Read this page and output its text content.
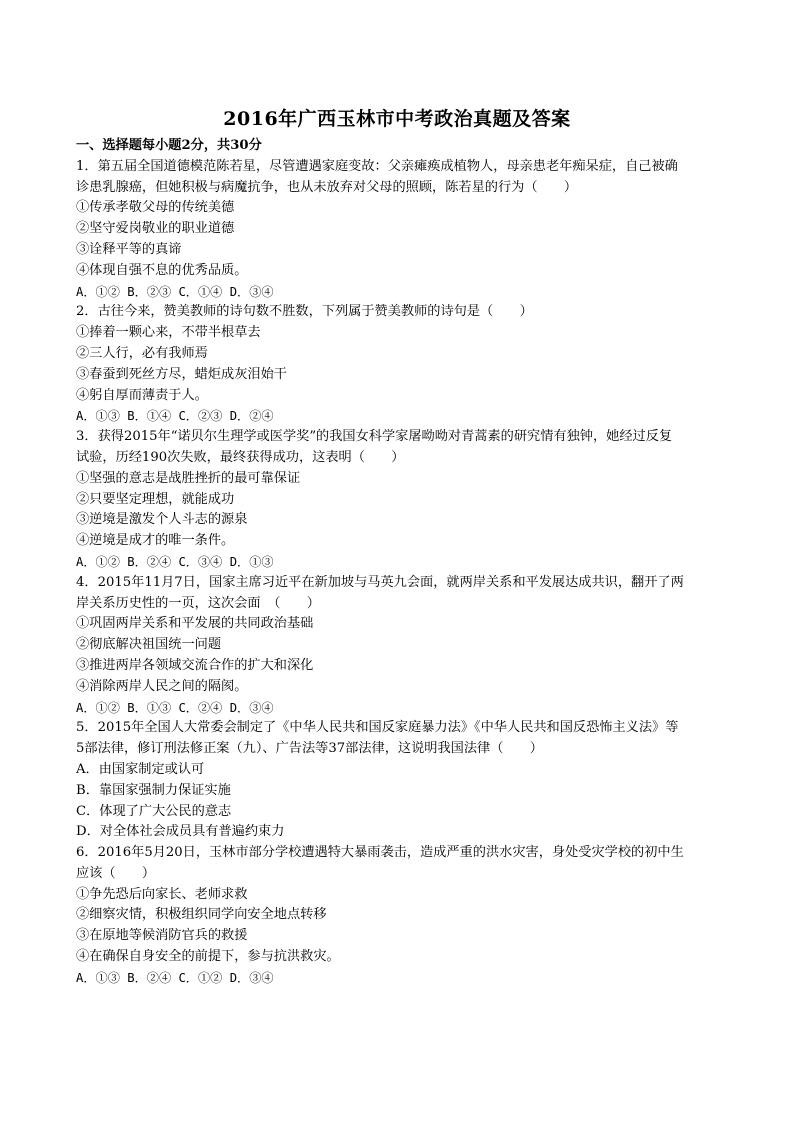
2016年广西玉林市中考政治真题及答案
一、选择题每小题2分，共30分
1．第五届全国道德模范陈若星，尽管遭遇家庭变故：父亲瘫痪成植物人，母亲患老年痴呆症，自己被确
诊患乳腺癌，但她积极与病魔抗争，也从未放弃对父母的照顾，陈若星的行为（　　）
①传承孝敬父母的传统美德
②坚守爱岗敬业的职业道德
③诠释平等的真谛
④体现自强不息的优秀品质。
A．①② B．②③ C．①④ D．③④
2．古往今来，赞美教师的诗句数不胜数，下列属于赞美教师的诗句是（　　）
①捧着一颗心来，不带半根草去
②三人行，必有我师焉
③春蚕到死丝方尽，蜡炬成灰泪始干
④躬自厚而薄责于人。
A．①③ B．①④ C．②③ D．②④
3．获得2015年“诺贝尔生理学或医学奖”的我国女科学家屠呦呦对青蒿素的研究情有独钟，她经过反复
试验，历经190次失败，最终获得成功，这表明（　　）
①坚强的意志是战胜挫折的最可靠保证
②只要坚定理想，就能成功
③逆境是激发个人斗志的源泉
④逆境是成才的唯一条件。
A．①② B．②④ C．③④ D．①③
4．2015年11月7日，国家主席习近平在新加坡与马英九会面，就两岸关系和平发展达成共识，翻开了两
岸关系历史性的一页，这次会面　（　　）
①巩固两岸关系和平发展的共同政治基础
②彻底解决祖国统一问题
③推进两岸各领域交流合作的扩大和深化
④消除两岸人民之间的隔阂。
A．①② B．①③ C．②④ D．③④
5．2015年全国人大常委会制定了《中华人民共和国反家庭暴力法》《中华人民共和国反恐怖主义法》等
5部法律，修订刑法修正案（九）、广告法等37部法律，这说明我国法律（　　）
A．由国家制定或认可
B．靠国家强制力保证实施
C．体现了广大公民的意志
D．对全体社会成员具有普遍约束力
6．2016年5月20日，玉林市部分学校遭遇特大暴雨袭击，造成严重的洪水灾害，身处受灾学校的初中生
应该（　　）
①争先恐后向家长、老师求救
②细察灾情，积极组织同学向安全地点转移
③在原地等候消防官兵的救援
④在确保自身安全的前提下，参与抗洪救灾。
A．①③ B．②④ C．①② D．③④
